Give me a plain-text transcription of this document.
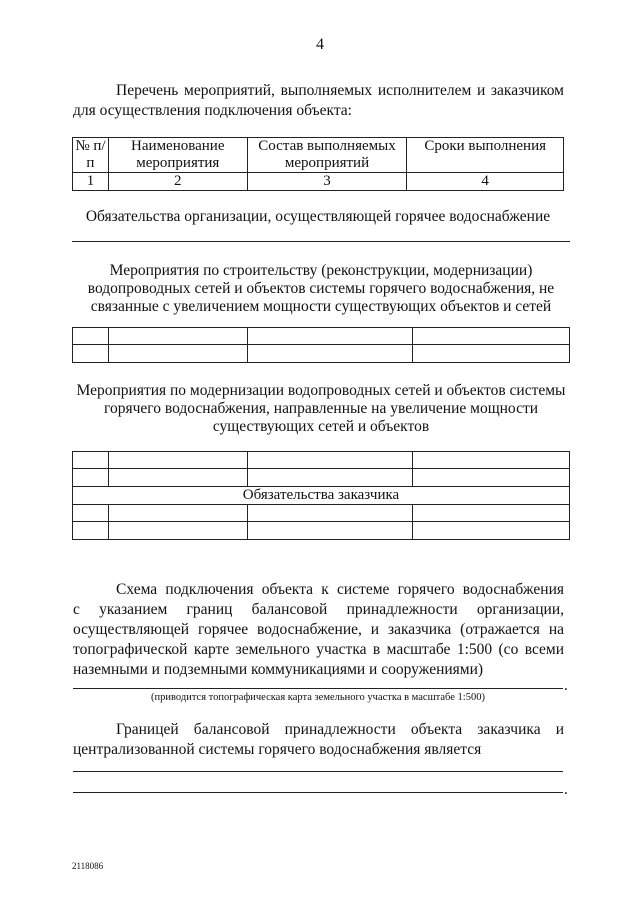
4
Перечень мероприятий, выполняемых исполнителем и заказчиком
для осуществления подключения объекта:
№ п/п	Наименование мероприятия	Состав выполняемых мероприятий	Сроки выполнения
1	2	3	4
Обязательства организации, осуществляющей горячее водоснабжение
Мероприятия по строительству (реконструкции, модернизации)
водопроводных сетей и объектов системы горячего водоснабжения, не
связанные с увеличением мощности существующих объектов и сетей

Мероприятия по модернизации водопроводных сетей и объектов системы
горячего водоснабжения, направленные на увеличение мощности
существующих сетей и объектов

Обязательства заказчика			

Схема подключения объекта к системе горячего водоснабжения
с указанием границ балансовой принадлежности организации,
осуществляющей горячее водоснабжение, и заказчика (отражается на
топографической карте земельного участка в масштабе 1:500 (со всеми
наземными и подземными коммуникациями и сооружениями)
.
(приводится топографическая карта земельного участка в масштабе 1:500)
Границей балансовой принадлежности объекта заказчика и
централизованной системы горячего водоснабжения является
.
2118086
